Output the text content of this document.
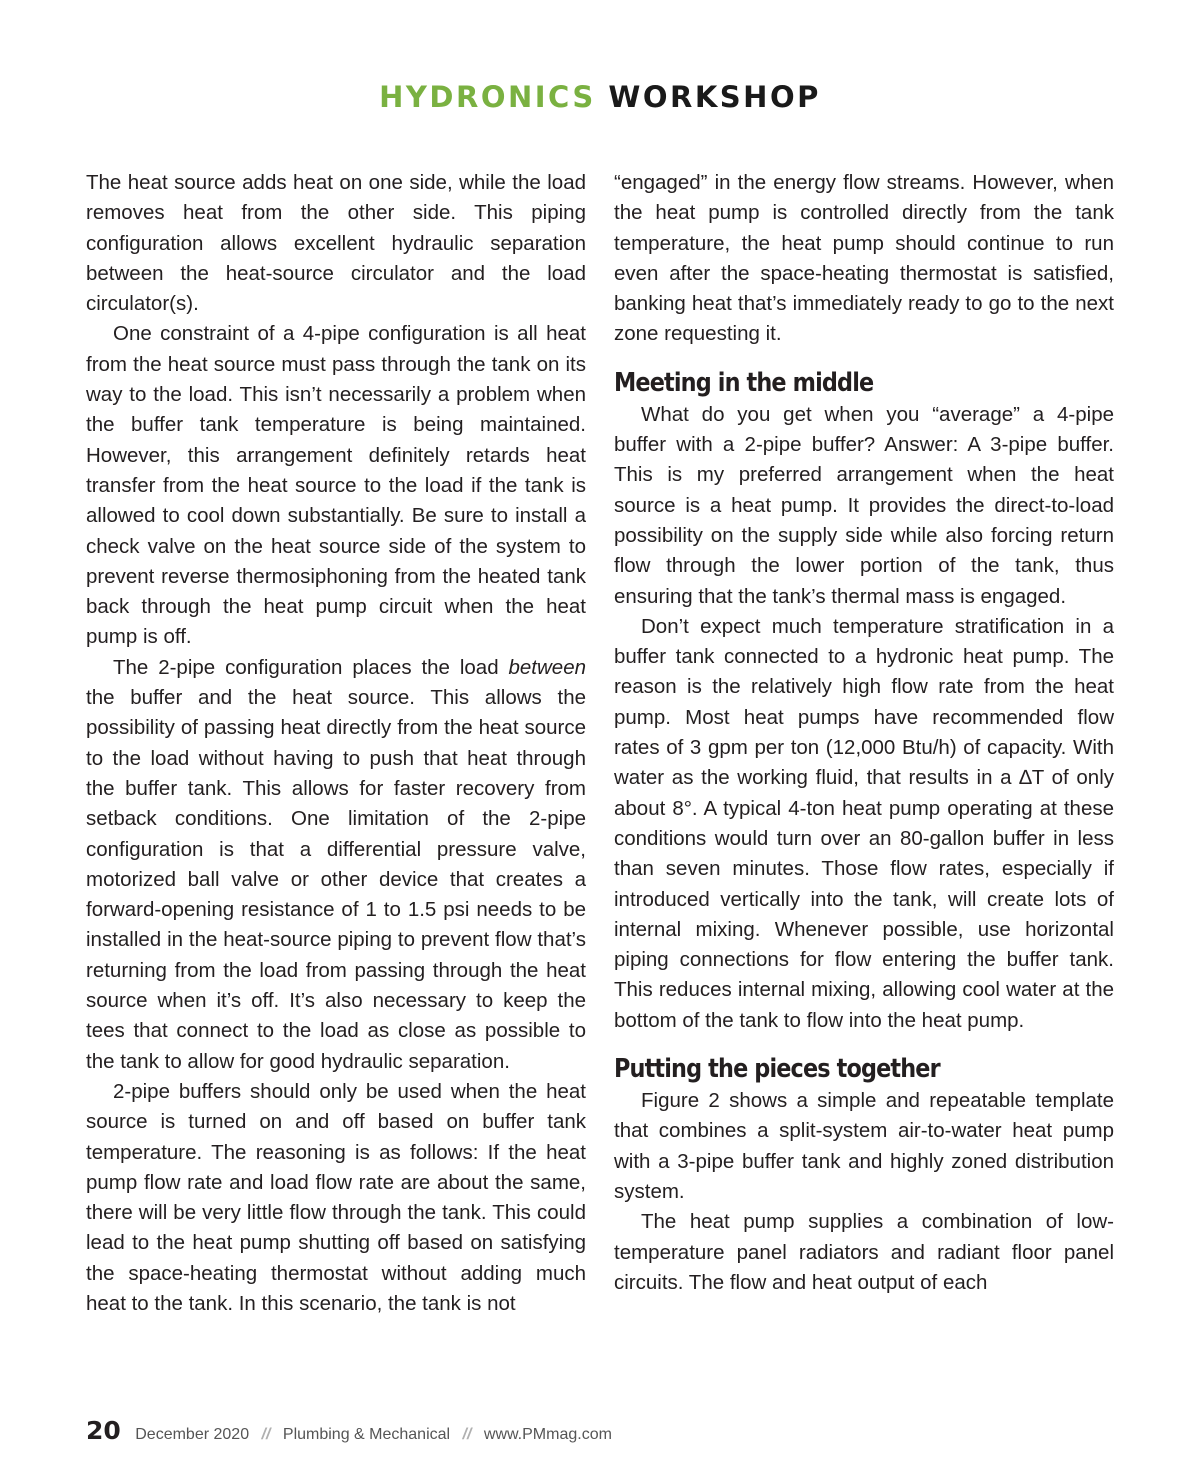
HYDRONICS WORKSHOP

The heat source adds heat on one side, while the load removes heat from the other side. This piping configuration allows excellent hydraulic separation between the heat-source circulator and the load circulator(s).

One constraint of a 4-pipe configuration is all heat from the heat source must pass through the tank on its way to the load. This isn’t necessarily a problem when the buffer tank temperature is being maintained. However, this arrangement definitely retards heat transfer from the heat source to the load if the tank is allowed to cool down substantially. Be sure to install a check valve on the heat source side of the system to prevent reverse thermosiphoning from the heated tank back through the heat pump circuit when the heat pump is off.

The 2-pipe configuration places the load between the buffer and the heat source. This allows the possibility of passing heat directly from the heat source to the load without having to push that heat through the buffer tank. This allows for faster recovery from setback conditions. One limitation of the 2-pipe configuration is that a differential pressure valve, motorized ball valve or other device that creates a forward-opening resistance of 1 to 1.5 psi needs to be installed in the heat-source piping to prevent flow that’s returning from the load from passing through the heat source when it’s off. It’s also necessary to keep the tees that connect to the load as close as possible to the tank to allow for good hydraulic separation.

2-pipe buffers should only be used when the heat source is turned on and off based on buffer tank temperature. The reasoning is as follows: If the heat pump flow rate and load flow rate are about the same, there will be very little flow through the tank. This could lead to the heat pump shutting off based on satisfying the space-heating thermostat without adding much heat to the tank. In this scenario, the tank is not

“engaged” in the energy flow streams. However, when the heat pump is controlled directly from the tank temperature, the heat pump should continue to run even after the space-heating thermostat is satisfied, banking heat that’s immediately ready to go to the next zone requesting it.

Meeting in the middle

What do you get when you “average” a 4-pipe buffer with a 2-pipe buffer? Answer: A 3-pipe buffer. This is my preferred arrangement when the heat source is a heat pump. It provides the direct-to-load possibility on the supply side while also forcing return flow through the lower portion of the tank, thus ensuring that the tank’s thermal mass is engaged.

Don’t expect much temperature stratification in a buffer tank connected to a hydronic heat pump. The reason is the relatively high flow rate from the heat pump. Most heat pumps have recommended flow rates of 3 gpm per ton (12,000 Btu/h) of capacity. With water as the working fluid, that results in a ∆T of only about 8°. A typical 4-ton heat pump operating at these conditions would turn over an 80-gallon buffer in less than seven minutes. Those flow rates, especially if introduced vertically into the tank, will create lots of internal mixing. Whenever possible, use horizontal piping connections for flow entering the buffer tank. This reduces internal mixing, allowing cool water at the bottom of the tank to flow into the heat pump.

Putting the pieces together

Figure 2 shows a simple and repeatable template that combines a split-system air-to-water heat pump with a 3-pipe buffer tank and highly zoned distribution system.

The heat pump supplies a combination of low-temperature panel radiators and radiant floor panel circuits. The flow and heat output of each

20 December 2020 // Plumbing & Mechanical // www.PMmag.com
